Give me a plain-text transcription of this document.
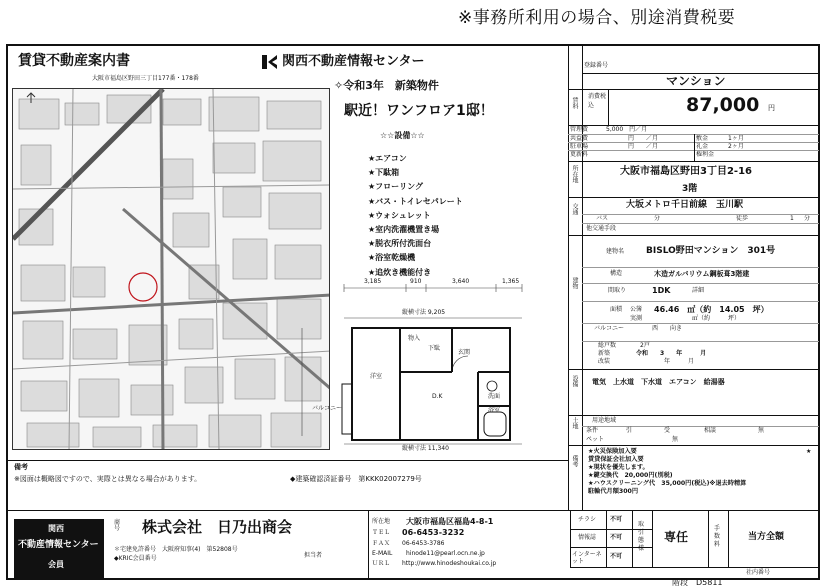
※事務所利用の場合、別途消費税要
賃貸不動産案内書
大阪市福島区野田三丁目177番・178番
関西不動産情報センター
✧令和3年　新築物件
駅近！ワンフロア1邸！
☆☆設備☆☆
★エアコン
★下駄箱
★フローリング
★バス・トイレセパレート
★ウォシュレット
★室内洗濯機置き場
★脱衣所付洗面台
★浴室乾燥機
★追炊き機能付き
3,185	910	3,640	1,365
縦横寸法 9,205
縦横寸法 11,340
洋室
D.K
バルコニー	浴室
洗面
玄関
下駄
物入
備考
※図面は概略図ですので、実際とは異なる場合があります。	◆建築確認済証番号　第KKK02007279号
登録番号
マンション
賃料
消費税込	87,000 円
管理費	5,000　円／月
共益費	円　　／月
駐車場	円　　／月
更新料
敷金	1ヶ月
礼金	2ヶ月
権利金
所在地	大阪市福島区野田3丁目2-16
3階
交通	大坂メトロ千日前線　玉川駅
バス	分	徒歩	1 分
他交通手段
建物
建物名 BISLO野田マンション　301号
構造	木造ガルバリウム鋼板葺3階建
間取り	1DK	詳細
面積 公簿 46.46　㎡（約　14.05　坪）
実測	㎡（約　　　坪）
バルコニー	西　　向き
総戸数	2戸
新築	令和　　3　　年　　　月
改装	年　　　月
設備 電気　上水道　下水道　エアコン　給湯器
土地 用途地域
条件	引	受	相談	無
ペット	無
備考
★火災保険加入要
賃貸保証会社加入要
★現状を優先します。
★鍵交換代　20,000円(別税)
★ハウスクリーニング代　35,000円(税込)※退去時精算
駐輪代月額300円
★
関西
不動産情報センター
会員
商号 株式会社　日乃出商会
＊宅建免許番号　大阪府知事(4)　第52808号
◆KRIC会員番号	担当者
所在地 大阪市福島区福島4-8-1
ＴＥＬ 06-6453-3232
ＦＡＸ 06-6453-3786
E-MAIL hinode11@pearl.ocn.ne.jp
ＵＲＬ http://www.hinodeshoukai.co.jp
チラシ 不可
情報誌 不可
インターネット
不可
取引態様
専任
手数料
当方全額
社内番号
階段　D5811
